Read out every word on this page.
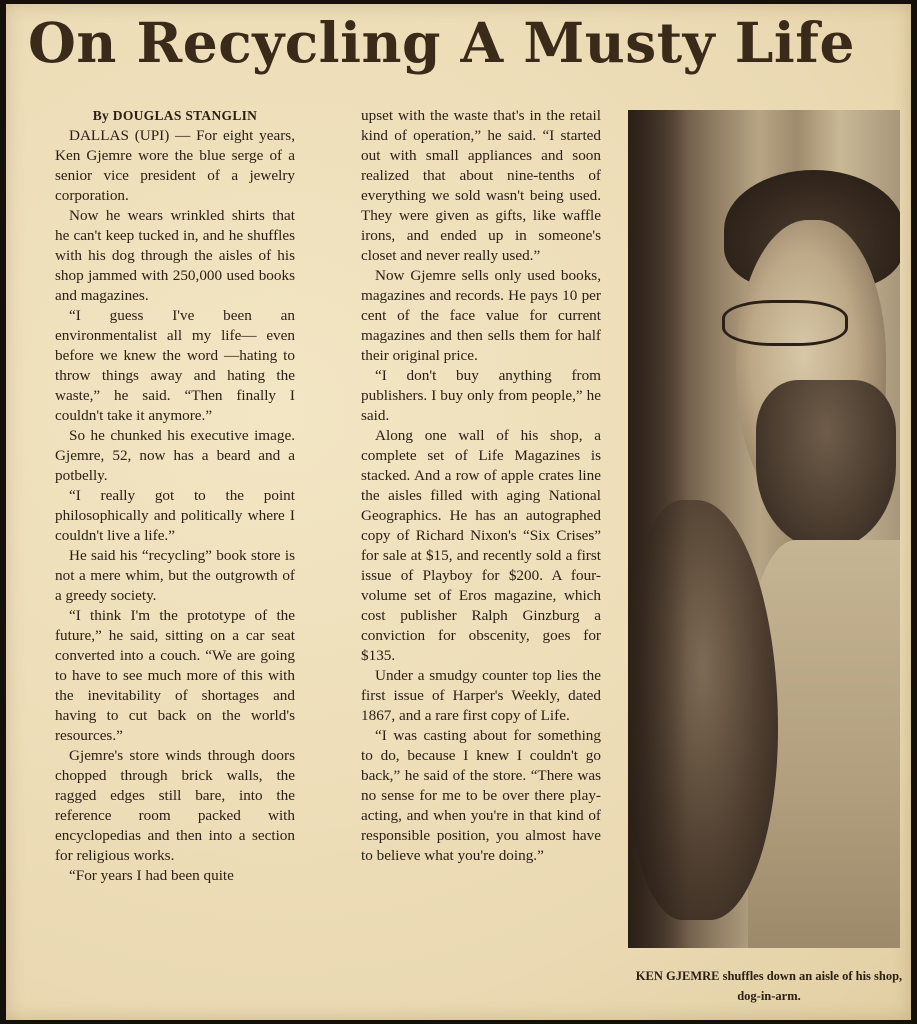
On Recycling A Musty Life

By DOUGLAS STANGLIN

DALLAS (UPI) — For eight years, Ken Gjemre wore the blue serge of a senior vice president of a jewelry corporation.

Now he wears wrinkled shirts that he can't keep tucked in, and he shuffles with his dog through the aisles of his shop jammed with 250,000 used books and magazines.

“I guess I've been an environmentalist all my life— even before we knew the word —hating to throw things away and hating the waste,” he said. “Then finally I couldn't take it anymore.”

So he chunked his executive image. Gjemre, 52, now has a beard and a potbelly.

“I really got to the point philosophically and politically where I couldn't live a life.”

He said his “recycling” book store is not a mere whim, but the outgrowth of a greedy society.

“I think I'm the prototype of the future,” he said, sitting on a car seat converted into a couch. “We are going to have to see much more of this with the inevitability of shortages and having to cut back on the world's resources.”

Gjemre's store winds through doors chopped through brick walls, the ragged edges still bare, into the reference room packed with encyclopedias and then into a section for religious works.

“For years I had been quite

upset with the waste that's in the retail kind of operation,” he said. “I started out with small appliances and soon realized that about nine-tenths of everything we sold wasn't being used. They were given as gifts, like waffle irons, and ended up in someone's closet and never really used.”

Now Gjemre sells only used books, magazines and records. He pays 10 per cent of the face value for current magazines and then sells them for half their original price.

“I don't buy anything from publishers. I buy only from people,” he said.

Along one wall of his shop, a complete set of Life Magazines is stacked. And a row of apple crates line the aisles filled with aging National Geographics. He has an autographed copy of Richard Nixon's “Six Crises” for sale at $15, and recently sold a first issue of Playboy for $200. A four-volume set of Eros magazine, which cost publisher Ralph Ginzburg a conviction for obscenity, goes for $135.

Under a smudgy counter top lies the first issue of Harper's Weekly, dated 1867, and a rare first copy of Life.

“I was casting about for something to do, because I knew I couldn't go back,” he said of the store. “There was no sense for me to be over there play-acting, and when you're in that kind of responsible position, you almost have to believe what you're doing.”

KEN GJEMRE shuffles down an aisle of his shop, dog-in-arm.
